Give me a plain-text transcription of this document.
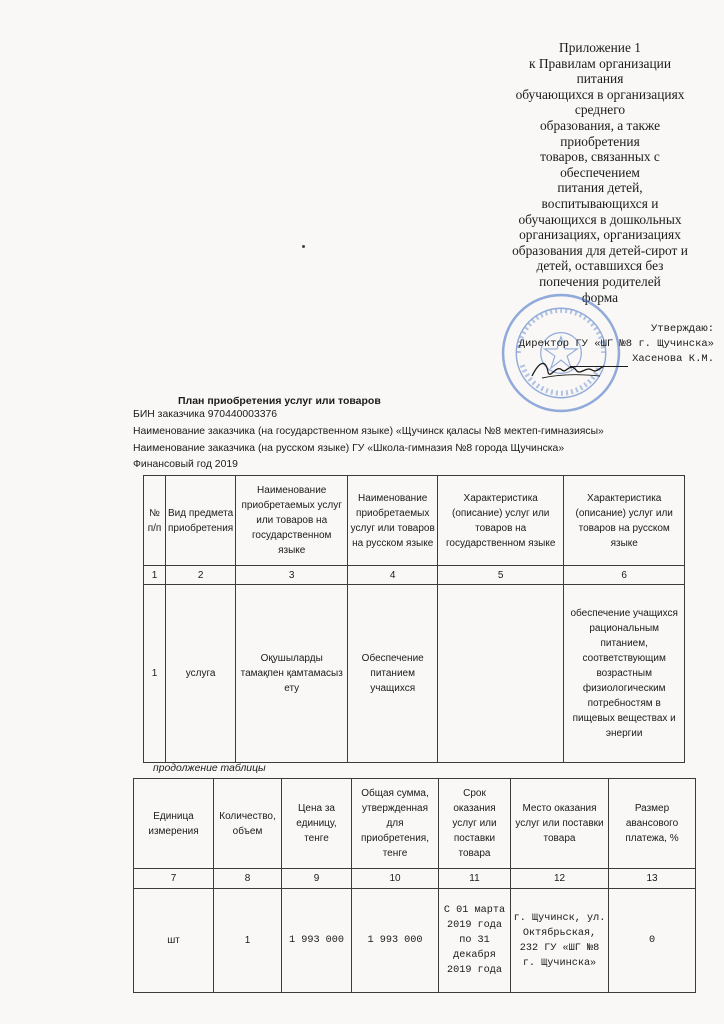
Приложение 1
к Правилам организации
питания
обучающихся в организациях
среднего
образования, а также
приобретения
товаров, связанных с
обеспечением
питания детей,
воспитывающихся и
обучающихся в дошкольных
организациях, организациях
образования для детей-сирот и
детей, оставшихся без
попечения родителей
форма
Утверждаю:
Директор ГУ «ШГ №8 г. Щучинска»
Хасенова К.М.
План приобретения услуг или товаров
БИН заказчика 970440003376
Наименование заказчика (на государственном языке) «Щучинск қаласы №8 мектеп-гимназиясы»
Наименование заказчика (на русском языке) ГУ «Школа-гимназия №8 города Щучинска»
Финансовый год 2019
№ п/п	Вид предмета приобретения	Наименование приобретаемых услуг или товаров на государственном языке	Наименование приобретаемых услуг или товаров на русском языке	Характеристика (описание) услуг или товаров на государственном языке	Характеристика (описание) услуг или товаров на русском языке
1	2	3	4	5	6
1	услуга	Оқушыларды тамақпен қамтамасыз ету	Обеспечение питанием учащихся		обеспечение учащихся рациональным питанием, соответствующим возрастным физиологическим потребностям в пищевых веществах и энергии
продолжение таблицы
Единица измерения	Количество, объем	Цена за единицу, тенге	Общая сумма, утвержденная для приобретения, тенге	Срок оказания услуг или поставки товара	Место оказания услуг или поставки товара	Размер авансового платежа, %
7	8	9	10	11	12	13
шт	1	1 993 000	1 993 000	С 01 марта 2019 года по 31 декабря 2019 года	г. Щучинск, ул. Октябрьская, 232 ГУ «ШГ №8 г. Щучинска»	0
